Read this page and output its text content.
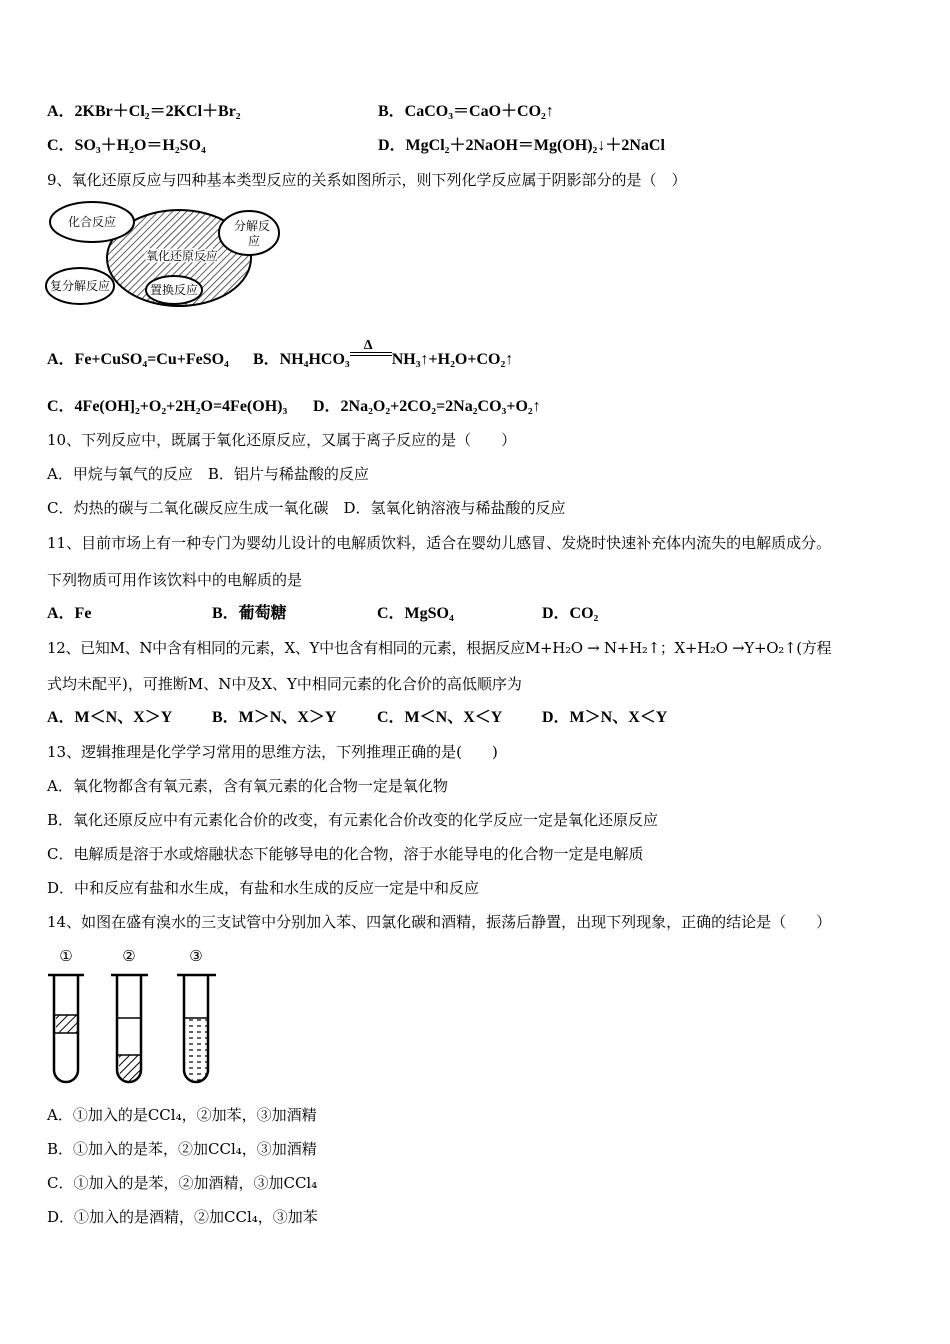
A．2KBr＋Cl₂＝2KCl＋Br₂	B．CaCO₃＝CaO＋CO₂↑
C．SO₃＋H₂O＝H₂SO₄	D．MgCl₂＋2NaOH＝Mg(OH)₂↓＋2NaCl
9、氧化还原反应与四种基本类型反应的关系如图所示，则下列化学反应属于阴影部分的是（　）
化合反应	分解反
应
氧化还原反应
复分解反应	置换反应
A．Fe+CuSO₄=Cu+FeSO₄ B．NH₄HCO₃
Δ
NH₃↑+H₂O+CO₂↑
C．4Fe(OH]₂+O₂+2H₂O=4Fe(OH)₃ D．2Na₂O₂+2CO₂=2Na₂CO₃+O₂↑
10、下列反应中，既属于氧化还原反应，又属于离子反应的是（　　）
A．甲烷与氧气的反应　B．铝片与稀盐酸的反应
C．灼热的碳与二氧化碳反应生成一氧化碳　D．氢氧化钠溶液与稀盐酸的反应
11、目前市场上有一种专门为婴幼儿设计的电解质饮料，适合在婴幼儿感冒、发烧时快速补充体内流失的电解质成分。
下列物质可用作该饮料中的电解质的是
A．Fe	B．葡萄糖	C．MgSO₄	D．CO₂
12、已知M、N中含有相同的元素，X、Y中也含有相同的元素，根据反应M+H₂O → N+H₂↑；X+H₂O →Y+O₂↑(方程
式均未配平)，可推断M、N中及X、Y中相同元素的化合价的高低顺序为
A．M＜N、X＞Y B．M＞N、X＞Y	C．M＜N、X＜Y D．M＞N、X＜Y
13、逻辑推理是化学学习常用的思维方法，下列推理正确的是(　　)
A．氧化物都含有氧元素，含有氧元素的化合物一定是氧化物
B．氧化还原反应中有元素化合价的改变，有元素化合价改变的化学反应一定是氧化还原反应
C．电解质是溶于水或熔融状态下能够导电的化合物，溶于水能导电的化合物一定是电解质
D．中和反应有盐和水生成，有盐和水生成的反应一定是中和反应
14、如图在盛有溴水的三支试管中分别加入苯、四氯化碳和酒精，振荡后静置，出现下列现象，正确的结论是（　　）
①	②	③
A．①加入的是CCl₄，②加苯，③加酒精
B．①加入的是苯，②加CCl₄，③加酒精
C．①加入的是苯，②加酒精，③加CCl₄
D．①加入的是酒精，②加CCl₄，③加苯
